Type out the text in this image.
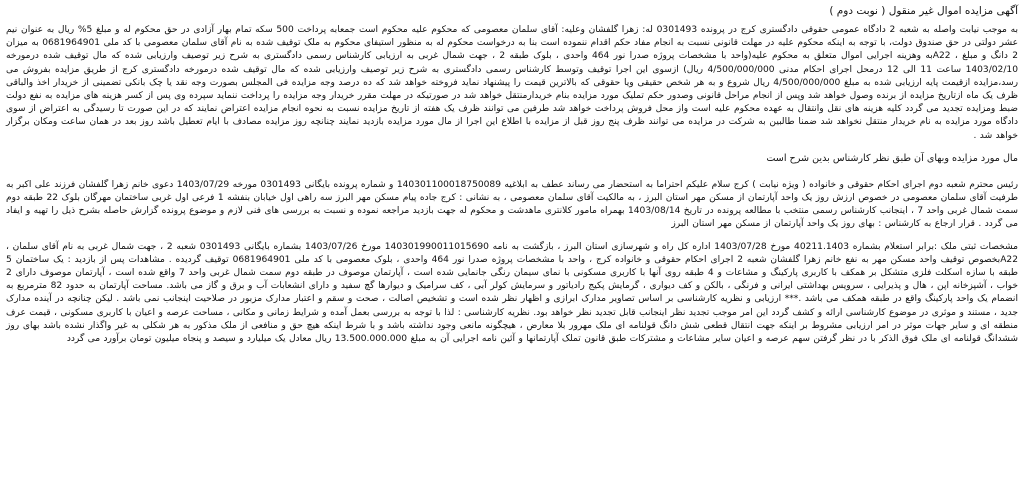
آگهی مزایده اموال غیر منقول ( نوبت دوم )

به موجب نیابت واصله به شعبه 2 دادگاه عمومی حقوقی دادگستری کرج در پرونده 0301493 له: زهرا گلفشان وعلیه: آقای سلمان معصومی که محکوم علیه محکوم است جمعابه پرداخت 500 سکه تمام بهار آزادی در حق محکوم له و مبلغ 5% ریال به عنوان نیم عشر دولتی در حق صندوق دولت، با توجه به اینکه محکوم علیه در مهلت قانونی نسبت به انجام مفاد حکم اقدام ننموده است بنا به درخواست محکوم له به منظور استیفای محکوم به ملک توقیف شده به نام آقای سلمان معصومی با کد ملی 0681964901 به میزان 2 دانگ و مبلغ ، A22به وهزینه اجرایی اموال متعلق به محکوم علیه(واحد با مشخصات پروژه صدرا نور 464 واحدی ، بلوک طبقه 2 ، جهت شمال غربی به ارزیابی کارشناس رسمی دادگستری به شرح زیر توصیف وارزیابی شده که مال توقیف شده درمورخه 1403/02/10 ساعت 11 الی 12 درمحل اجرای احکام مدنی 4/500/000/000 ریال) ازسوی این اجرا توقیف وتوسط کارشناس رسمی دادگستری به شرح زیر توصیف وارزیابی شده که مال توقیف شده درمورخه دادگستری کرج از طریق مزایده بفروش می رسد،مزایده ازقیمت پایه ارزیابی شده به مبلغ 4/500/000/000 ریال شروع و به هر شخص حقیقی ویا حقوقی که بالاترین قیمت را پیشنهاد نماید فروخته خواهد شد که ده درصد وجه مزایده فی المجلس بصورت وجه نقد یا چک بانکی تضمینی از خریدار اخذ والباقی ظرف یک ماه ازتاریخ مزایده از برنده وصول خواهد شد وپس از انجام مراحل قانونی وصدور حکم تملیک مورد مزایده بنام خریدارمنتقل خواهد شد در صورتیکه در مهلت مقرر خریدار وجه مزایده را پرداخت ننماید سپرده وی پس از کسر هزینه های مزایده به نفع دولت ضبط ومزایده تجدید می گردد کلیه هزینه های نقل وانتقال به عهده محکوم علیه است واز محل فروش پرداخت خواهد شد طرفین می توانند ظرف یک هفته از تاریخ مزایده نسبت به نحوه انجام مزایده اعتراض نمایند که در این صورت تا رسیدگی به اعتراض از سوی دادگاه مورد مزایده به نام خریدار منتقل نخواهد شد ضمنا طالبین به شرکت در مزایده می توانند ظرف پنج روز قبل از مزایده با اطلاع این اجرا از مال مورد مزایده بازدید نمایند چنانچه روز مزایده مصادف با ایام تعطیل باشد روز بعد در همان ساعت ومکان برگزار خواهد شد .

مال مورد مزایده وبهای آن طبق نظر کارشناس بدین شرح است

رئیس محترم شعبه دوم اجرای احکام حقوقی و خانواده ( ویژه نیابت ) کرج سلام علیکم احتراما به استحضار می رساند عطف به ابلاغیه 140301100018750089 و شماره پرونده بایگانی 0301493 مورخه 1403/07/29 دعوی خانم زهرا گلفشان فرزند علی اکبر به طرفیت آقای سلمان معصومی در خصوص ارزش روز یک واحد آپارتمان از مسکن مهر استان البرز ، به مالکیت آقای سلمان معصومی ، به نشانی : کرج جاده پیام مسکن مهر البرز سه راهی اول خیابان بنفشه 1 فرعی اول غربی ساختمان مهرگان بلوک 22 طبقه دوم سمت شمال غربی واحد 7 ، اینجانب کارشناس رسمی منتخب با مطالعه پرونده در تاریخ 1403/08/14 بهمراه مامور کلانتری ماهدشت و محکوم له جهت بازدید مراجعه نموده و نسبت به بررسی های فنی لازم و موضوع پرونده گزارش حاصله بشرح ذیل را تهیه و ایفاد می گردد . قرار ارجاع به کارشناس : بهای روز یک واحد آپارتمان از مسکن مهر استان البرز

مشخصات ثبتی ملک :برابر استعلام بشماره 40211.1403 مورخ 1403/07/28 اداره کل راه و شهرسازی استان البرز ، بازگشت به نامه 140301990011015690 مورخ 1403/07/26 بشماره بایگانی 0301493 شعبه 2 ، جهت شمال غربی به نام آقای سلمان ، A22بخصوص توقیف واحد مسکن مهر به نفع خانم زهرا گلفشان شعبه 2 اجرای احکام حقوقی و خانواده کرج ، واحد با مشخصات پروژه صدرا نور 464 واحدی ، بلوک معصومی با کد ملی 0681964901 توقیف گردیده . مشاهدات پس از بازدید : یک ساختمان 5 طبقه با سازه اسکلت فلزی متشکل بر همکف با کاربری پارکینگ و مشاعات و 4 طبقه روی آنها با کاربری مسکونی با نمای سیمان رنگی جانمایی شده است ، آپارتمان موصوف در طبقه دوم سمت شمال غربی واحد 7 واقع شده است ، آپارتمان موصوف دارای 2 خواب ، آشپزخانه اپن ، هال و پذیرایی ، سرویس بهداشتی ایرانی و فرنگی ، بالکن و کف دیواری ، گرمایش پکیج رادیاتور و سرمایش کولر آبی ، کف سرامیک و دیوارها گچ سفید و دارای انشعابات آب و برق و گاز می باشد. مساحت آپارتمان به حدود 82 مترمربع به انضمام یک واحد پارکینگ واقع در طبقه همکف می باشد .*** ارزیابی و نظریه کارشناسی بر اساس تصاویر مدارک ابرازی و اظهار نظر شده است و تشخیص اصالت ، صحت و سقم و اعتبار مدارک مزبور در صلاحیت اینجانب نمی باشد . لیکن چنانچه در آینده مدارک جدید ، مستند و موثری در موضوع کارشناسی ارائه و کشف گردد این امر موجب تجدید نظر اینجانب قابل تجدید نظر خواهد بود. نظریه کارشناسی : لذا با توجه به بررسی بعمل آمده و شرایط زمانی و مکانی ، مساحت عرصه و اعیان با کاربری مسکونی ، قیمت عرف منطقه ای و سایر جهات موثر در امر ارزیابی مشروط بر اینکه جهت انتقال قطعی شش دانگ قولنامه ای ملک مهرور بلا معارض ، هیچگونه مانعی وجود نداشته باشد و با شرط اینکه هیچ حق و منافعی از ملک مذکور به هر شکلی به غیر واگذار نشده باشد بهای روز ششدانگ قولنامه ای ملک فوق الذکر با در نظر گرفتن سهم عرصه و اعیان سایر مشاعات و مشترکات طبق قانون تملک آپارتمانها و آئین نامه اجرایی آن به مبلغ 13.500.000.000 ریال معادل یک میلیارد و سیصد و پنجاه میلیون تومان برآورد می گردد
